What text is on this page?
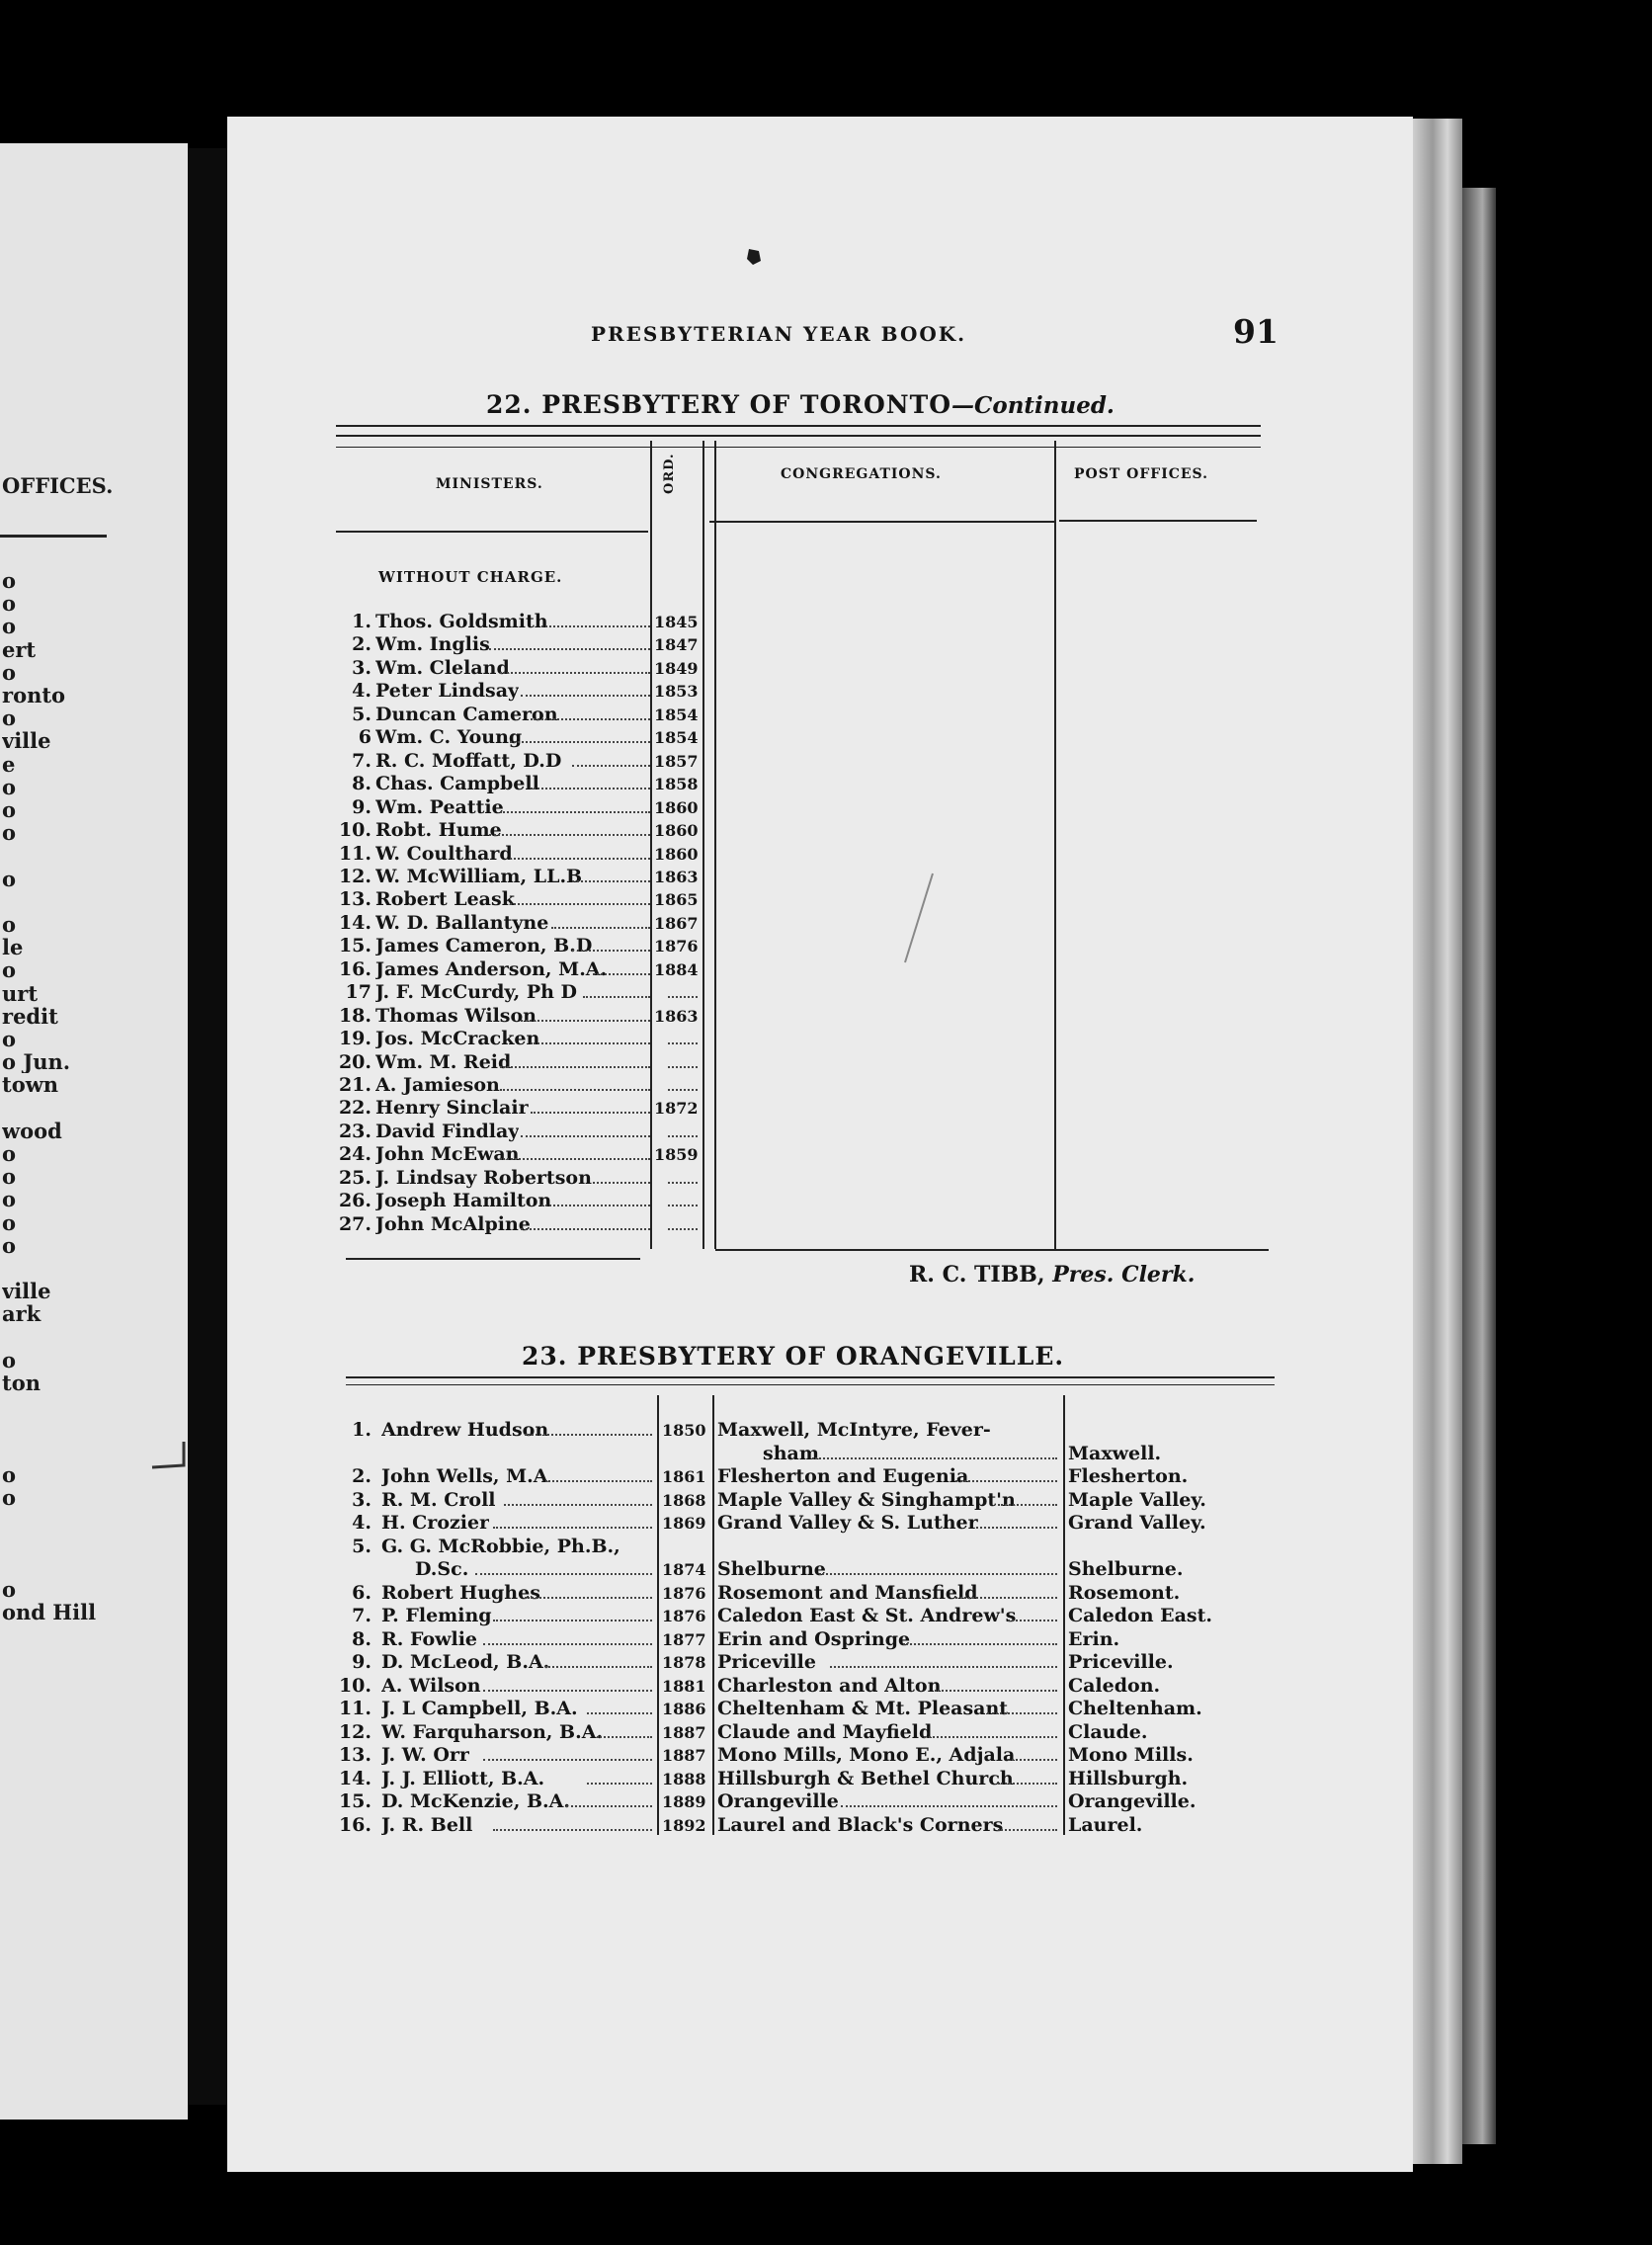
OFFICES.
o
o
o
ert
o
ronto
o
ville
e
o
o
o
o
o
le
o
urt
redit
o
o Jun.
town
wood
o
o
o
o
o
ville
ark
o
ton
o
o
o
ond Hill
PRESBYTERIAN YEAR BOOK.	91
22. PRESBYTERY OF TORONTO—Continued.
MINISTERS.	ORD.	CONGREGATIONS.	POST OFFICES.
WITHOUT CHARGE.
1. Thos. Goldsmith	1845
2. Wm. Inglis	1847
3. Wm. Cleland	1849
4. Peter Lindsay	1853
5. Duncan Cameron	1854
6 Wm. C. Young	1854
7. R. C. Moffatt, D.D	1857
8. Chas. Campbell	1858
9. Wm. Peattie	1860
10. Robt. Hume	1860
11. W. Coulthard	1860
12. W. McWilliam, LL.B	1863
13. Robert Leask	1865
14. W. D. Ballantyne	1867
15. James Cameron, B.D	1876
16. James Anderson, M.A.	1884
17 J. F. McCurdy, Ph D
18. Thomas Wilson	1863
19. Jos. McCracken
20. Wm. M. Reid
21. A. Jamieson
22. Henry Sinclair	1872
23. David Findlay
24. John McEwan	1859
25. J. Lindsay Robertson
26. Joseph Hamilton
27. John McAlpine
R. C. TIBB, Pres. Clerk.
23. PRESBYTERY OF ORANGEVILLE.
1. Andrew Hudson	1850 Maxwell, McIntyre, Fever-
sham	Maxwell.
2. John Wells, M.A	1861 Flesherton and Eugenia	Flesherton.
3. R. M. Croll	1868 Maple Valley & Singhampt'n	Maple Valley.
4. H. Crozier	1869 Grand Valley & S. Luther	Grand Valley.
5. G. G. McRobbie, Ph.B.,
D.Sc.	1874 Shelburne	Shelburne.
6. Robert Hughes	1876 Rosemont and Mansfield	Rosemont.
7. P. Fleming	1876 Caledon East & St. Andrew's	Caledon East.
8. R. Fowlie	1877 Erin and Ospringe	Erin.
9. D. McLeod, B.A.	1878 Priceville	Priceville.
10. A. Wilson	1881 Charleston and Alton	Caledon.
11. J. L Campbell, B.A.	1886 Cheltenham & Mt. Pleasant	Cheltenham.
12. W. Farquharson, B.A.	1887 Claude and Mayfield	Claude.
13. J. W. Orr	1887 Mono Mills, Mono E., Adjala	Mono Mills.
14. J. J. Elliott, B.A.	1888 Hillsburgh & Bethel Church	Hillsburgh.
15. D. McKenzie, B.A.	1889 Orangeville	Orangeville.
16. J. R. Bell	1892 Laurel and Black's Corners	Laurel.
